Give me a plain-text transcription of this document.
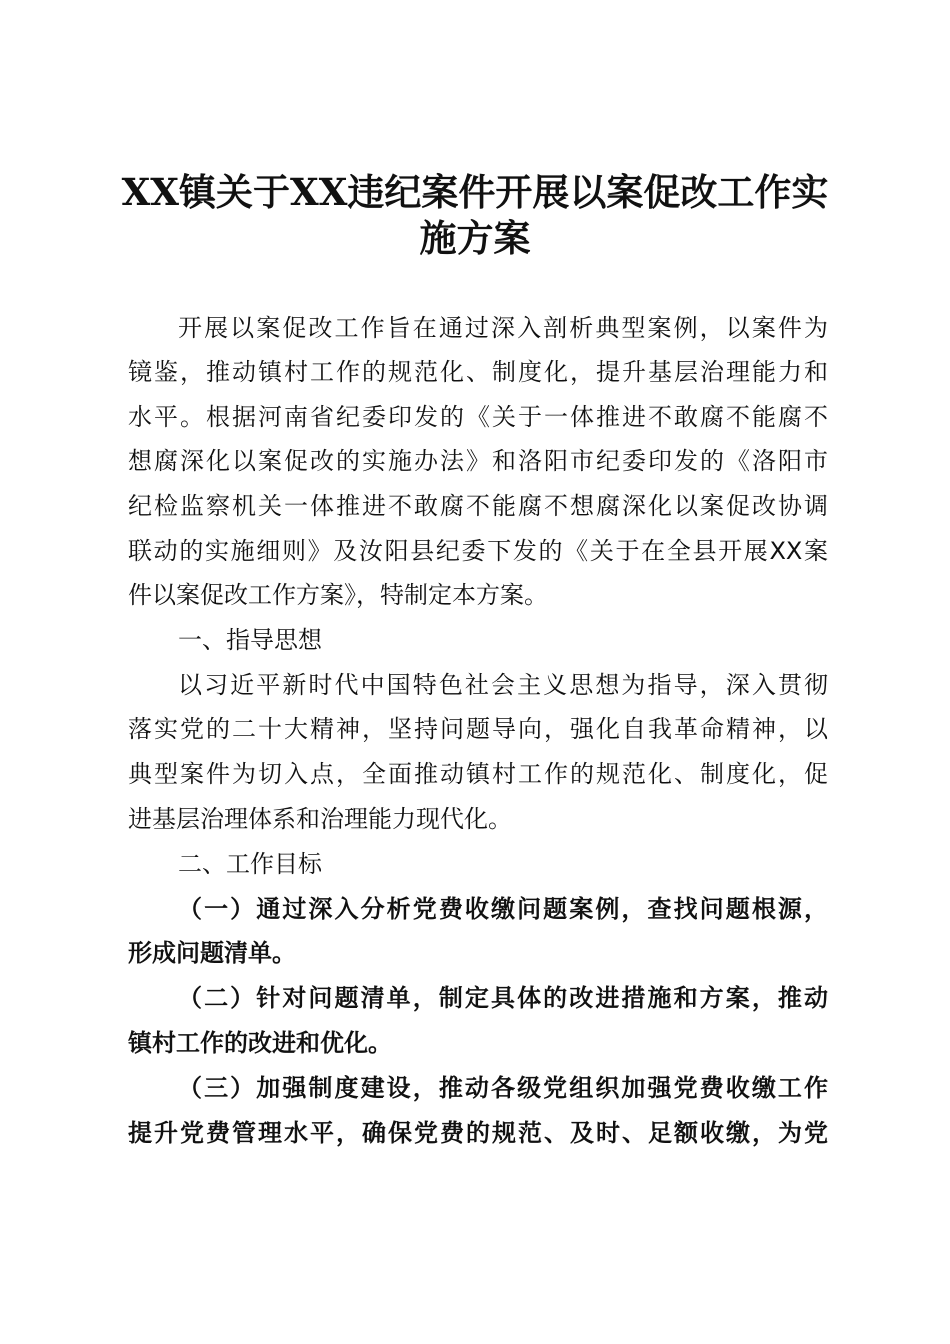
XX镇关于XX违纪案件开展以案促改工作实
施方案
开展以案促改工作旨在通过深入剖析典型案例，以案件为
镜鉴，推动镇村工作的规范化、制度化，提升基层治理能力和
水平。根据河南省纪委印发的《关于一体推进不敢腐不能腐不
想腐深化以案促改的实施办法》和洛阳市纪委印发的《洛阳市
纪检监察机关一体推进不敢腐不能腐不想腐深化以案促改协调
联动的实施细则》及汝阳县纪委下发的《关于在全县开展XX案
件以案促改工作方案》，特制定本方案。
一、指导思想
以习近平新时代中国特色社会主义思想为指导，深入贯彻
落实党的二十大精神，坚持问题导向，强化自我革命精神，以
典型案件为切入点，全面推动镇村工作的规范化、制度化，促
进基层治理体系和治理能力现代化。
二、工作目标
（一）通过深入分析党费收缴问题案例，查找问题根源，
形成问题清单。
（二）针对问题清单，制定具体的改进措施和方案，推动
镇村工作的改进和优化。
（三）加强制度建设，推动各级党组织加强党费收缴工作
提升党费管理水平，确保党费的规范、及时、足额收缴，为党
